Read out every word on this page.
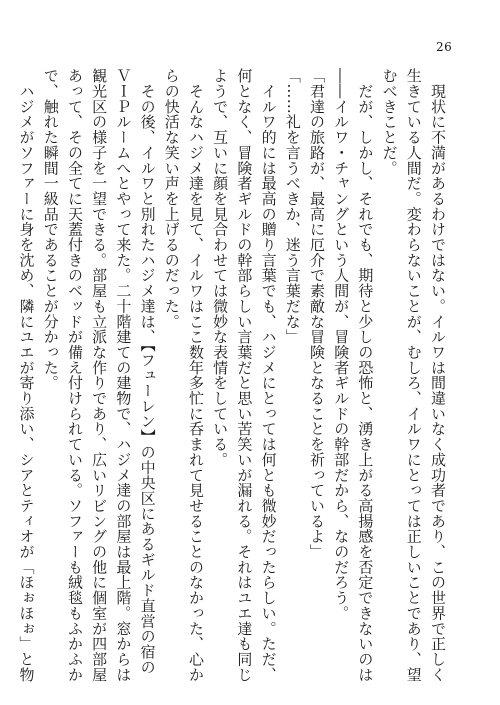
26
　現状に不満があるわけではない。イルワは間違いなく成功者であり、この世界で正しく
生きている人間だ。変わらないことが、むしろ、イルワにとっては正しいことであり、望
むべきことだ。
　だが、しかし、それでも、期待と少しの恐怖と、湧き上がる高揚感を否定できないのは
――イルワ・チャングという人間が、冒険者ギルドの幹部だから、なのだろう。
「君達の旅路が、最高に厄介で素敵な冒険となることを祈っているよ」
「……礼を言うべきか、迷う言葉だな」
　イルワ的には最高の贈り言葉でも、ハジメにとっては何とも微妙だったらしい。ただ、
何となく、冒険者ギルドの幹部らしい言葉だと思い苦笑いが漏れる。それはユエ達も同じ
ようで、互いに顔を見合わせては微妙な表情をしている。
　そんなハジメ達を見て、イルワはここ数年多忙に呑まれて見せることのなかった、心か
らの快活な笑い声を上げるのだった。
　その後、イルワと別れたハジメ達は、【フューレン】の中央区にあるギルド直営の宿の
ＶＩＰルームへとやって来た。二十階建ての建物で、ハジメ達の部屋は最上階。窓からは
観光区の様子を一望できる。部屋も立派な作りであり、広いリビングの他に個室が四部屋
あって、その全てに天蓋付きのベッドが備え付けられている。ソファーも絨毯もふかふか
で、触れた瞬間一級品であることが分かった。
　ハジメがソファーに身を沈め、隣にユエが寄り添い、シアとティオが「ほぉほぉ」と物
